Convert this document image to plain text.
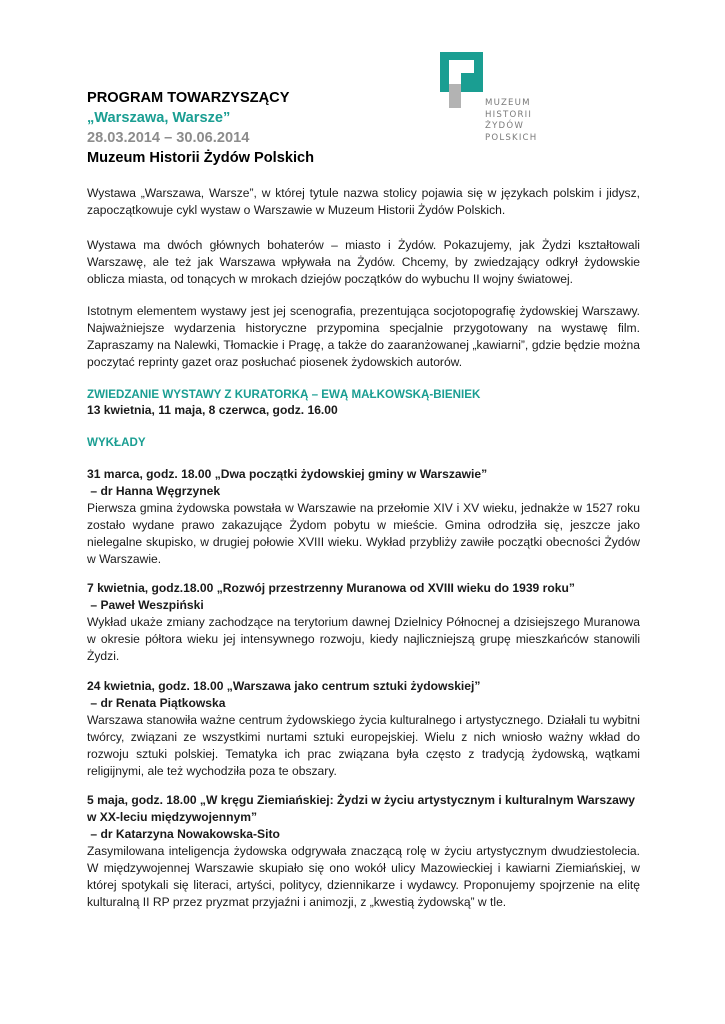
MUZEUM
HISTORII
ŻYDÓW
POLSKICH
PROGRAM TOWARZYSZĄCY
„Warszawa, Warsze”
28.03.2014 – 30.06.2014
Muzeum Historii Żydów Polskich
Wystawa „Warszawa, Warsze”, w której tytule nazwa stolicy pojawia się w językach polskim i jidysz, zapoczątkowuje cykl wystaw o Warszawie w Muzeum Historii Żydów Polskich.
Wystawa ma dwóch głównych bohaterów – miasto i Żydów. Pokazujemy, jak Żydzi kształtowali Warszawę, ale też jak Warszawa wpływała na Żydów. Chcemy, by zwiedzający odkrył żydowskie oblicza miasta, od tonących w mrokach dziejów początków do wybuchu II wojny światowej.
Istotnym elementem wystawy jest jej scenografia, prezentująca socjotopografię żydowskiej Warszawy. Najważniejsze wydarzenia historyczne przypomina specjalnie przygotowany na wystawę film. Zapraszamy na Nalewki, Tłomackie i Pragę, a także do zaaranżowanej „kawiarni”, gdzie będzie można poczytać reprinty gazet oraz posłuchać piosenek żydowskich autorów.
ZWIEDZANIE WYSTAWY Z KURATORKĄ – EWĄ MAŁKOWSKĄ-BIENIEK
13 kwietnia, 11 maja, 8 czerwca, godz. 16.00
WYKŁADY
31 marca, godz. 18.00 „Dwa początki żydowskiej gminy w Warszawie”
– dr Hanna Węgrzynek
Pierwsza gmina żydowska powstała w Warszawie na przełomie XIV i XV wieku, jednakże w 1527 roku zostało wydane prawo zakazujące Żydom pobytu w mieście. Gmina odrodziła się, jeszcze jako nielegalne skupisko, w drugiej połowie XVIII wieku. Wykład przybliży zawiłe początki obecności Żydów w Warszawie.
7 kwietnia, godz.18.00 „Rozwój przestrzenny Muranowa od XVIII wieku do 1939 roku”
– Paweł Weszpiński
Wykład ukaże zmiany zachodzące na terytorium dawnej Dzielnicy Północnej a dzisiejszego Muranowa w okresie półtora wieku jej intensywnego rozwoju, kiedy najliczniejszą grupę mieszkańców stanowili Żydzi.
24 kwietnia, godz. 18.00 „Warszawa jako centrum sztuki żydowskiej”
– dr Renata Piątkowska
Warszawa stanowiła ważne centrum żydowskiego życia kulturalnego i artystycznego. Działali tu wybitni twórcy, związani ze wszystkimi nurtami sztuki europejskiej. Wielu z nich wniosło ważny wkład do rozwoju sztuki polskiej. Tematyka ich prac związana była często z tradycją żydowską, wątkami religijnymi, ale też wychodziła poza te obszary.
5 maja, godz. 18.00 „W kręgu Ziemiańskiej: Żydzi w życiu artystycznym i kulturalnym Warszawy w XX-leciu międzywojennym”
– dr Katarzyna Nowakowska-Sito
Zasymilowana inteligencja żydowska odgrywała znaczącą rolę w życiu artystycznym dwudziestolecia. W międzywojennej Warszawie skupiało się ono wokół ulicy Mazowieckiej i kawiarni Ziemiańskiej, w której spotykali się literaci, artyści, politycy, dziennikarze i wydawcy. Proponujemy spojrzenie na elitę kulturalną II RP przez pryzmat przyjaźni i animozji, z „kwestią żydowską” w tle.
